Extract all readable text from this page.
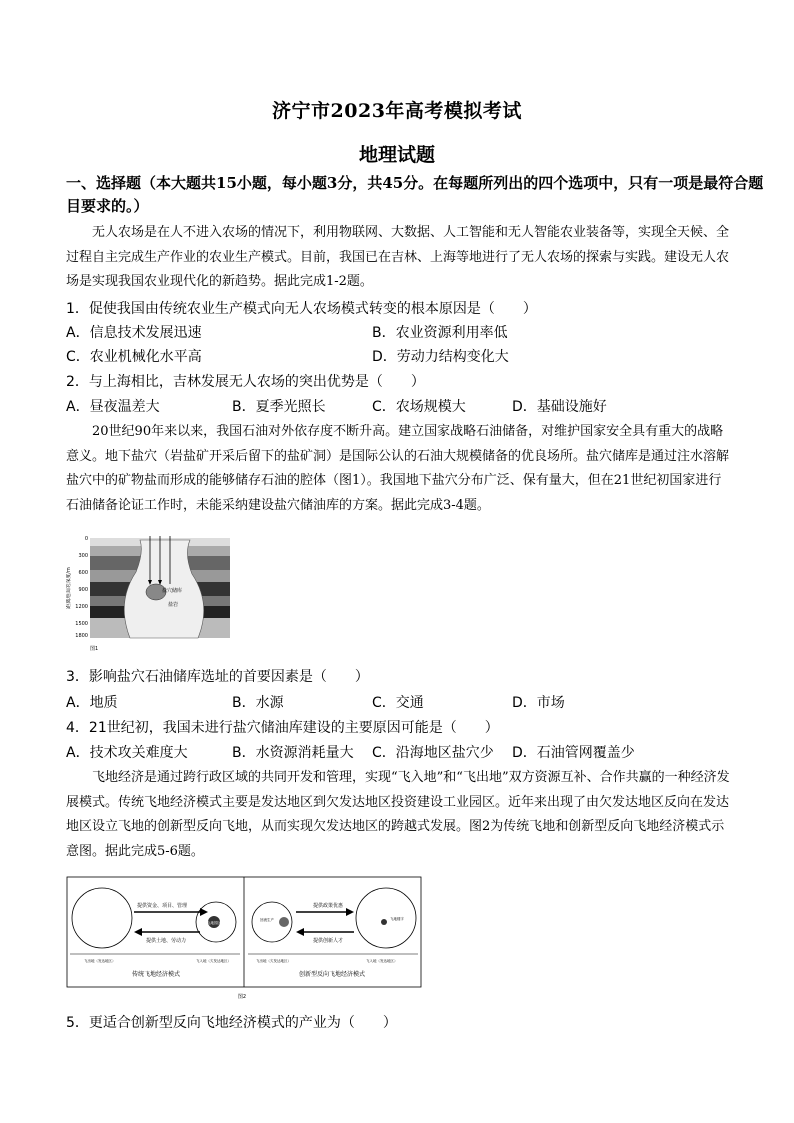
济宁市2023年高考模拟考试
地理试题
一、选择题（本大题共15小题，每小题3分，共45分。在每题所列出的四个选项中，只有一项是最符合题
目要求的。）
无人农场是在人不进入农场的情况下，利用物联网、大数据、人工智能和无人智能农业装备等，实现全天候、全过程自主完成生产作业的农业生产模式。目前，我国已在吉林、上海等地进行了无人农场的探索与实践。建设无人农场是实现我国农业现代化的新趋势。据此完成1-2题。
1．促使我国由传统农业生产模式向无人农场模式转变的根本原因是（　　）
A．信息技术发展迅速	B．农业资源利用率低
C．农业机械化水平高	D．劳动力结构变化大
2．与上海相比，吉林发展无人农场的突出优势是（　　）
A．昼夜温差大	B．夏季光照长	C．农场规模大	D．基础设施好
20世纪90年来以来，我国石油对外依存度不断升高。建立国家战略石油储备，对维护国家安全具有重大的战略意义。地下盐穴（岩盐矿开采后留下的盐矿洞）是国际公认的石油大规模储备的优良场所。盐穴储库是通过注水溶解盐穴中的矿物盐而形成的能够储存石油的腔体（图1）。我国地下盐穴分布广泛、保有量大，但在21世纪初国家进行石油储备论证工作时，未能采纳建设盐穴储油库的方案。据此完成3-4题。
距离地面的深度/m
0
300
600
900
1200
1500
1800
盐穴储库
盐岩
图1
3．影响盐穴石油储库选址的首要因素是（　　）
A．地质	B．水源	C．交通	D．市场
4．21世纪初，我国未进行盐穴储油库建设的主要原因可能是（　　）
A．技术攻关难度大	B．水资源消耗量大 C．沿海地区盐穴少 D．石油管网覆盖少
飞地经济是通过跨行政区域的共同开发和管理，实现“飞入地”和“飞出地”双方资源互补、合作共赢的一种经济发展模式。传统飞地经济模式主要是发达地区到欠发达地区投资建设工业园区。近年来出现了由欠发达地区反向在发达地区设立飞地的创新型反向飞地，从而实现欠发达地区的跨越式发展。图2为传统飞地和创新型反向飞地经济模式示意图。据此完成5-6题。
飞地园区
提供资金、项目、管理
提供土地、劳动力
飞出地（发达地区）	飞入地（欠发达地区）
传统飞地经济模式
回流生产	飞地楼宇
提供政策优惠
提供创新人才
飞出地（欠发达地区）	飞入地（发达地区）
创新型反向飞地经济模式
图2
5．更适合创新型反向飞地经济模式的产业为（　　）
